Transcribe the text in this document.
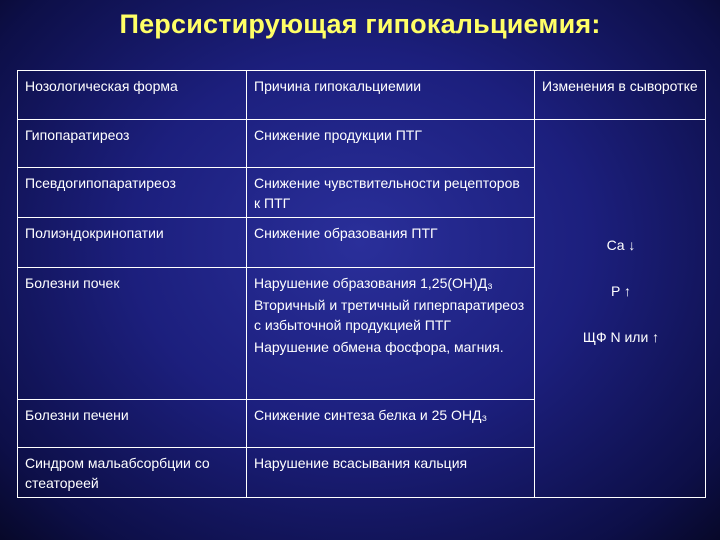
Персистирующая гипокальциемия:
Нозологическая форма	Причина гипокальциемии	Изменения в сыворотке
Гипопаратиреоз	Снижение продукции ПТГ	Ca ↓
P ↑
ЩФ N или ↑

Псевдогипопаратиреоз	Снижение чувствительности рецепторов к ПТГ	
Полиэндокринопатии	Снижение образования ПТГ	
Болезни почек	Нарушение образования 1,25(ОН)Д₃
Вторичный и третичный гиперпаратиреоз с избыточной продукцией ПТГ
Нарушение обмена фосфора, магния.	

Болезни печени	Снижение синтеза белка и 25 ОНД₃	
Синдром мальабсорбции со стеатореей	Нарушение всасывания кальция	
